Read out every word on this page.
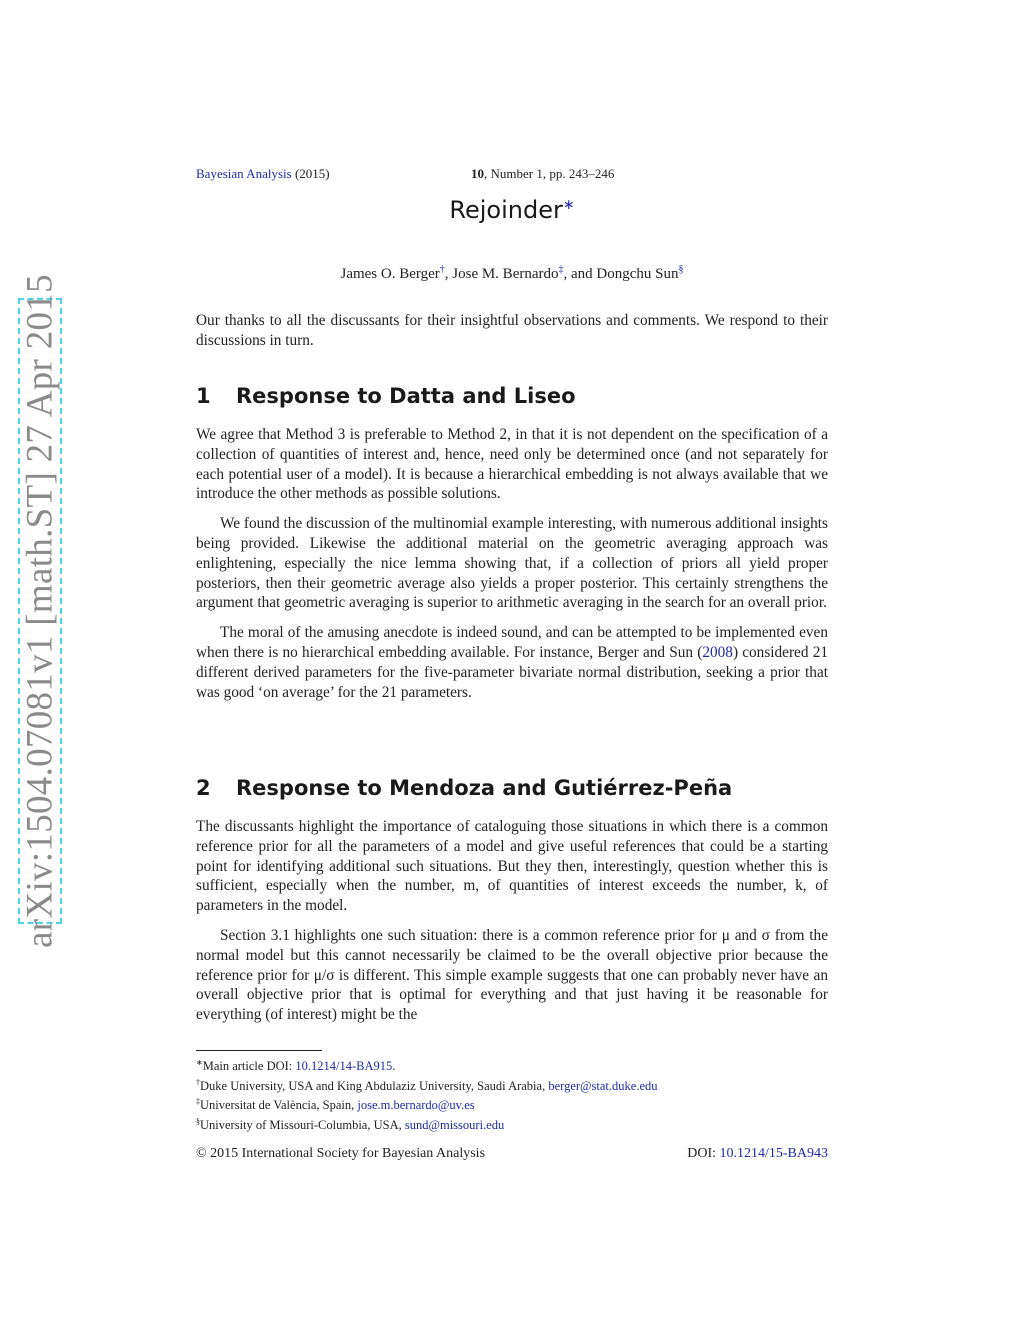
arXiv:1504.07081v1 [math.ST] 27 Apr 2015
Bayesian Analysis (2015)	10, Number 1, pp. 243–246
Rejoinder∗
James O. Berger†, Jose M. Bernardo‡, and Dongchu Sun§

Our thanks to all the discussants for their insightful observations and comments. We respond to their discussions in turn.

1 Response to Datta and Liseo

We agree that Method 3 is preferable to Method 2, in that it is not dependent on the specification of a collection of quantities of interest and, hence, need only be determined once (and not separately for each potential user of a model). It is because a hierarchical embedding is not always available that we introduce the other methods as possible solutions.

We found the discussion of the multinomial example interesting, with numerous additional insights being provided. Likewise the additional material on the geometric averaging approach was enlightening, especially the nice lemma showing that, if a collection of priors all yield proper posteriors, then their geometric average also yields a proper posterior. This certainly strengthens the argument that geometric averaging is superior to arithmetic averaging in the search for an overall prior.

The moral of the amusing anecdote is indeed sound, and can be attempted to be implemented even when there is no hierarchical embedding available. For instance, Berger and Sun (2008) considered 21 different derived parameters for the five-parameter bivariate normal distribution, seeking a prior that was good ‘on average’ for the 21 parameters.

2 Response to Mendoza and Gutiérrez-Peña

The discussants highlight the importance of cataloguing those situations in which there is a common reference prior for all the parameters of a model and give useful references that could be a starting point for identifying additional such situations. But they then, interestingly, question whether this is sufficient, especially when the number, m, of quantities of interest exceeds the number, k, of parameters in the model.

Section 3.1 highlights one such situation: there is a common reference prior for μ and σ from the normal model but this cannot necessarily be claimed to be the overall objective prior because the reference prior for μ/σ is different. This simple example suggests that one can probably never have an overall objective prior that is optimal for everything and that just having it be reasonable for everything (of interest) might be the

∗Main article DOI: 10.1214/14-BA915.
†Duke University, USA and King Abdulaziz University, Saudi Arabia, berger@stat.duke.edu
‡Universitat de València, Spain, jose.m.bernardo@uv.es
§University of Missouri-Columbia, USA, sund@missouri.edu
© 2015 International Society for Bayesian Analysis	DOI: 10.1214/15-BA943
